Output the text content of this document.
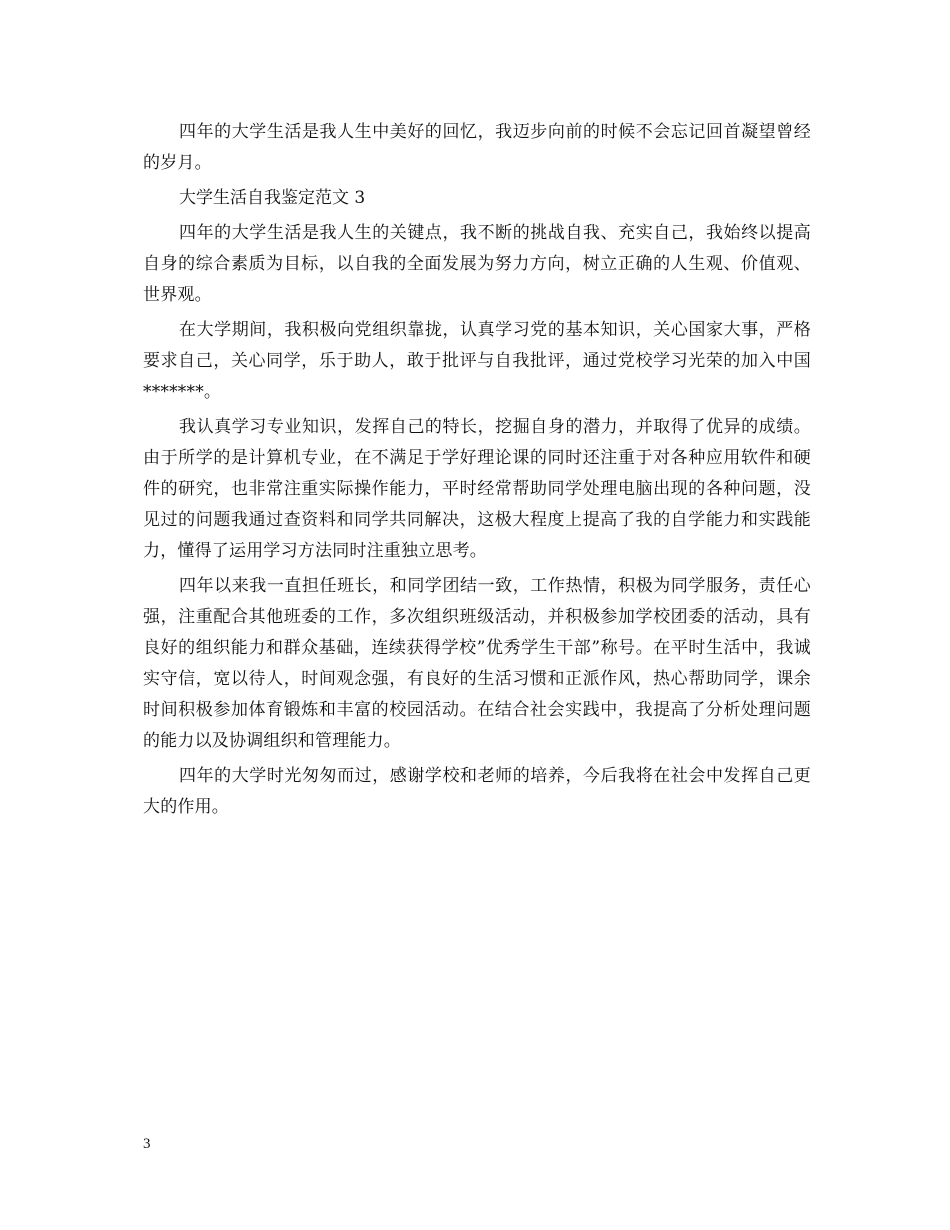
四年的大学生活是我人生中美好的回忆，我迈步向前的时候不会忘记回首凝望曾经的岁月。

大学生活自我鉴定范文 3

四年的大学生活是我人生的关键点，我不断的挑战自我、充实自己，我始终以提高自身的综合素质为目标，以自我的全面发展为努力方向，树立正确的人生观、价值观、世界观。

在大学期间，我积极向党组织靠拢，认真学习党的基本知识，关心国家大事，严格要求自己，关心同学，乐于助人，敢于批评与自我批评，通过党校学习光荣的加入中国*******。

我认真学习专业知识，发挥自己的特长，挖掘自身的潜力，并取得了优异的成绩。由于所学的是计算机专业，在不满足于学好理论课的同时还注重于对各种应用软件和硬件的研究，也非常注重实际操作能力，平时经常帮助同学处理电脑出现的各种问题，没见过的问题我通过查资料和同学共同解决，这极大程度上提高了我的自学能力和实践能力，懂得了运用学习方法同时注重独立思考。

四年以来我一直担任班长，和同学团结一致，工作热情，积极为同学服务，责任心强，注重配合其他班委的工作，多次组织班级活动，并积极参加学校团委的活动，具有良好的组织能力和群众基础，连续获得学校”优秀学生干部”称号。在平时生活中，我诚实守信，宽以待人，时间观念强，有良好的生活习惯和正派作风，热心帮助同学，课余时间积极参加体育锻炼和丰富的校园活动。在结合社会实践中，我提高了分析处理问题的能力以及协调组织和管理能力。

四年的大学时光匆匆而过，感谢学校和老师的培养，今后我将在社会中发挥自己更大的作用。

3
